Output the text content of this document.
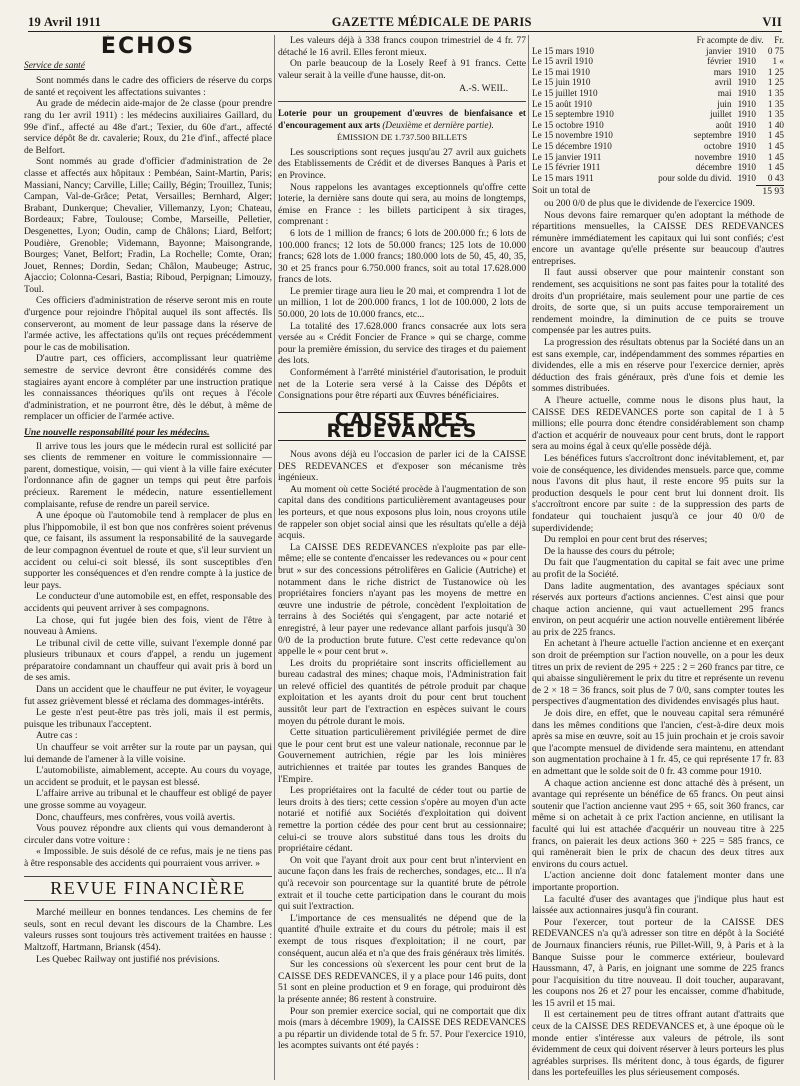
19 Avril 1911	GAZETTE MÉDICALE DE PARIS	VII
ÉCHOS

Service de santé

Sont nommés dans le cadre des officiers de réserve du corps de santé et reçoivent les affectations suivantes :

Au grade de médecin aide-major de 2e classe (pour prendre rang du 1er avril 1911) : les médecins auxiliaires Gaillard, du 99e d'inf., affecté au 48e d'art.; Texier, du 60e d'art., affecté service dépôt 8e dr. cavalerie; Roux, du 21e d'inf., affecté place de Belfort.

Sont nommés au grade d'officier d'administration de 2e classe et affectés aux hôpitaux : Pembéan, Saint-Martin, Paris; Massiani, Nancy; Carville, Lille; Cailly, Bégin; Trouillez, Tunis; Campan, Val-de-Grâce; Petat, Versailles; Bernhard, Alger; Brabant, Dunkerque; Chevalier, Villemanzy, Lyon; Chateau, Bordeaux; Fabre, Toulouse; Combe, Marseille, Pelletier, Desgenettes, Lyon; Oudin, camp de Châlons; Liard, Belfort; Poudière, Grenoble; Videmann, Bayonne; Maisongrande, Bourges; Vanet, Belfort; Fradin, La Rochelle; Comte, Oran; Jouet, Rennes; Dordin, Sedan; Châlon, Maubeuge; Astruc, Ajaccio; Colonna-Cesari, Bastia; Riboud, Perpignan; Limouzy, Toul.

Ces officiers d'administration de réserve seront mis en route d'urgence pour rejoindre l'hôpital auquel ils sont affectés. Ils conserveront, au moment de leur passage dans la réserve de l'armée active, les affectations qu'ils ont reçues précédemment pour le cas de mobilisation.

D'autre part, ces officiers, accomplissant leur quatrième semestre de service devront être considérés comme des stagiaires ayant encore à compléter par une instruction pratique les connaissances théoriques qu'ils ont reçues à l'école d'administration, et ne pourront être, dès le début, à même de remplacer un officier de l'armée active.

Une nouvelle responsabilité pour les médecins.

Il arrive tous les jours que le médecin rural est sollicité par ses clients de remmener en voiture le commissionnaire — parent, domestique, voisin, — qui vient à la ville faire exécuter l'ordonnance afin de gagner un temps qui peut être parfois précieux. Rarement le médecin, nature essentiellement complaisante, refuse de rendre un pareil service.

A une époque où l'automobile tend à remplacer de plus en plus l'hippomobile, il est bon que nos confrères soient prévenus que, ce faisant, ils assument la responsabilité de la sauvegarde de leur compagnon éventuel de route et que, s'il leur survient un accident ou celui-ci soit blessé, ils sont susceptibles d'en supporter les conséquences et d'en rendre compte à la justice de leur pays.

Le conducteur d'une automobile est, en effet, responsable des accidents qui peuvent arriver à ses compagnons.

La chose, qui fut jugée bien des fois, vient de l'être à nouveau à Amiens.

Le tribunal civil de cette ville, suivant l'exemple donné par plusieurs tribunaux et cours d'appel, a rendu un jugement préparatoire condamnant un chauffeur qui avait pris à bord un de ses amis.

Dans un accident que le chauffeur ne put éviter, le voyageur fut assez grièvement blessé et réclama des dommages-intérêts.

Le geste n'est peut-être pas très joli, mais il est permis, puisque les tribunaux l'acceptent.

Autre cas :

Un chauffeur se voit arrêter sur la route par un paysan, qui lui demande de l'amener à la ville voisine.

L'automobiliste, aimablement, accepte. Au cours du voyage, un accident se produit, et le paysan est blessé.

L'affaire arrive au tribunal et le chauffeur est obligé de payer une grosse somme au voyageur.

Donc, chauffeurs, mes confrères, vous voilà avertis.

Vous pouvez répondre aux clients qui vous demanderont à circuler dans votre voiture :

« Impossible. Je suis désolé de ce refus, mais je ne tiens pas à être responsable des accidents qui pourraient vous arriver. »

REVUE FINANCIÈRE

Marché meilleur en bonnes tendances. Les chemins de fer seuls, sont en recul devant les discours de la Chambre. Les valeurs russes sont toujours très activement traitées en hausse : Maltzoff, Hartmann, Briansk (454).

Les Quebec Railway ont justifié nos prévisions.

Les valeurs déjà à 338 francs coupon trimestriel de 4 fr. 77 détaché le 16 avril. Elles feront mieux.

On parle beaucoup de la Losely Reef à 91 francs. Cette valeur serait à la veille d'une hausse, dit-on.

A.-S. WEIL.

Loterie pour un groupement d'œuvres de bienfaisance et d'encouragement aux arts (Deuxième et dernière partie).

ÉMISSION DE 1.737.500 BILLETS

Les souscriptions sont reçues jusqu'au 27 avril aux guichets des Etablissements de Crédit et de diverses Banques à Paris et en Province.

Nous rappelons les avantages exceptionnels qu'offre cette loterie, la dernière sans doute qui sera, au moins de longtemps, émise en France : les billets participent à six tirages, comprenant :

6 lots de 1 million de francs; 6 lots de 200.000 fr.; 6 lots de 100.000 francs; 12 lots de 50.000 francs; 125 lots de 10.000 francs; 628 lots de 1.000 francs; 180.000 lots de 50, 45, 40, 35, 30 et 25 francs pour 6.750.000 francs, soit au total 17.628.000 francs de lots.

Le premier tirage aura lieu le 20 mai, et comprendra 1 lot de un million, 1 lot de 200.000 francs, 1 lot de 100.000, 2 lots de 50.000, 20 lots de 10.000 francs, etc...

La totalité des 17.628.000 francs consacrée aux lots sera versée au « Crédit Foncier de France » qui se charge, comme pour la première émission, du service des tirages et du paiement des lots.

Conformément à l'arrêté ministériel d'autorisation, le produit net de la Loterie sera versé à la Caisse des Dépôts et Consignations pour être réparti aux Œuvres bénéficiaires.

CAISSE DES REDEVANCES

Nous avons déjà eu l'occasion de parler ici de la CAISSE DES REDEVANCES et d'exposer son mécanisme très ingénieux.

Au moment où cette Société procède à l'augmentation de son capital dans des conditions particulièrement avantageuses pour les porteurs, et que nous exposons plus loin, nous croyons utile de rappeler son objet social ainsi que les résultats qu'elle a déjà acquis.

La CAISSE DES REDEVANCES n'exploite pas par elle-même; elle se contente d'encaisser les redevances ou « pour cent brut » sur des concessions pétrolifères en Galicie (Autriche) et notamment dans le riche district de Tustanowice où les propriétaires fonciers n'ayant pas les moyens de mettre en œuvre une industrie de pétrole, concèdent l'exploitation de terrains à des Sociétés qui s'engagent, par acte notarié et enregistré, à leur payer une redevance allant parfois jusqu'à 30 0/0 de la production brute future. C'est cette redevance qu'on appelle le « pour cent brut ».

Les droits du propriétaire sont inscrits officiellement au bureau cadastral des mines; chaque mois, l'Administration fait un relevé officiel des quantités de pétrole produit par chaque exploitation et les ayants droit du pour cent brut touchent aussitôt leur part de l'extraction en espèces suivant le cours moyen du pétrole durant le mois.

Cette situation particulièrement privilégiée permet de dire que le pour cent brut est une valeur nationale, reconnue par le Gouvernement autrichien, régie par les lois minières autrichiennes et traitée par toutes les grandes Banques de l'Empire.

Les propriétaires ont la faculté de céder tout ou partie de leurs droits à des tiers; cette cession s'opère au moyen d'un acte notarié et notifié aux Sociétés d'exploitation qui doivent remettre la portion cédée des pour cent brut au cessionnaire; celui-ci se trouve alors substitué dans tous les droits du propriétaire cédant.

On voit que l'ayant droit aux pour cent brut n'intervient en aucune façon dans les frais de recherches, sondages, etc... Il n'a qu'à recevoir son pourcentage sur la quantité brute de pétrole extrait et il touche cette participation dans le courant du mois qui suit l'extraction.

L'importance de ces mensualités ne dépend que de la quantité d'huile extraite et du cours du pétrole; mais il est exempt de tous risques d'exploitation; il ne court, par conséquent, aucun aléa et n'a que des frais généraux très limités.

Sur les concessions où s'exercent les pour cent brut de la CAISSE DES REDEVANCES, il y a place pour 146 puits, dont 51 sont en pleine production et 9 en forage, qui produiront dès la présente année; 86 restent à construire.

Pour son premier exercice social, qui ne comportait que dix mois (mars à décembre 1909), la CAISSE DES REDEVANCES a pu répartir un dividende total de 5 fr. 57. Pour l'exercice 1910, les acomptes suivants ont été payés :

	Fr acompte de div.		Fr.
Le 15 mars 1910	janvier	1910	0 75
Le 15 avril 1910	février	1910	1 «
Le 15 mai 1910	mars	1910	1 25
Le 15 juin 1910	avril	1910	1 25
Le 15 juillet 1910	mai	1910	1 35
Le 15 août 1910	juin	1910	1 35
Le 15 septembre 1910	juillet	1910	1 35
Le 15 octobre 1910	août	1910	1 40
Le 15 novembre 1910	septembre	1910	1 45
Le 15 décembre 1910	octobre	1910	1 45
Le 15 janvier 1911	novembre	1910	1 45
Le 15 février 1911	décembre	1910	1 45
Le 15 mars 1911	pour solde du divid.	1910	0 43
Soit un total de	15 93

ou 200 0/0 de plus que le dividende de l'exercice 1909.

Nous devons faire remarquer qu'en adoptant la méthode de répartitions mensuelles, la CAISSE DES REDEVANCES rémunère immédiatement les capitaux qui lui sont confiés; c'est encore un avantage qu'elle présente sur beaucoup d'autres entreprises.

Il faut aussi observer que pour maintenir constant son rendement, ses acquisitions ne sont pas faites pour la totalité des droits d'un propriétaire, mais seulement pour une partie de ces droits, de sorte que, si un puits accuse temporairement un rendement moindre, la diminution de ce puits se trouve compensée par les autres puits.

La progression des résultats obtenus par la Société dans un an est sans exemple, car, indépendamment des sommes réparties en dividendes, elle a mis en réserve pour l'exercice dernier, après déduction des frais généraux, près d'une fois et demie les sommes distribuées.

A l'heure actuelle, comme nous le disons plus haut, la CAISSE DES REDEVANCES porte son capital de 1 à 5 millions; elle pourra donc étendre considérablement son champ d'action et acquérir de nouveaux pour cent bruts, dont le rapport sera au moins égal à ceux qu'elle possède déjà.

Les bénéfices futurs s'accroîtront donc inévitablement, et, par voie de conséquence, les dividendes mensuels. parce que, comme nous l'avons dit plus haut, il reste encore 95 puits sur la production desquels le pour cent brut lui donnent droit. Ils s'accroîtront encore par suite : de la suppression des parts de fondateur qui touchaient jusqu'à ce jour 40 0/0 de superdividende;

Du remploi en pour cent brut des réserves;

De la hausse des cours du pétrole;

Du fait que l'augmentation du capital se fait avec une prime au profit de la Société.

Dans ladite augmentation, des avantages spéciaux sont réservés aux porteurs d'actions anciennes. C'est ainsi que pour chaque action ancienne, qui vaut actuellement 295 francs environ, on peut acquérir une action nouvelle entièrement libérée au prix de 225 francs.

En achetant à l'heure actuelle l'action ancienne et en exerçant son droit de préemption sur l'action nouvelle, on a pour les deux titres un prix de revient de 295 + 225 : 2 = 260 francs par titre, ce qui abaisse singulièrement le prix du titre et représente un revenu de 2 × 18 = 36 francs, soit plus de 7 0/0, sans compter toutes les perspectives d'augmentation des dividendes envisagés plus haut.

Je dois dire, en effet, que le nouveau capital sera rémunéré dans les mêmes conditions que l'ancien, c'est-à-dire deux mois après sa mise en œuvre, soit au 15 juin prochain et je crois savoir que l'acompte mensuel de dividende sera maintenu, en attendant son augmentation prochaine à 1 fr. 45, ce qui représente 17 fr. 83 en admettant que le solde soit de 0 fr. 43 comme pour 1910.

A chaque action ancienne est donc attaché dès à présent, un avantage qui représente un bénéfice de 65 francs. On peut ainsi soutenir que l'action ancienne vaut 295 + 65, soit 360 francs, car même si on achetait à ce prix l'action ancienne, en utilisant la faculté qui lui est attachée d'acquérir un nouveau titre à 225 francs, on paierait les deux actions 360 + 225 = 585 francs, ce qui ramènerait bien le prix de chacun des deux titres aux environs du cours actuel.

L'action ancienne doit donc fatalement monter dans une importante proportion.

La faculté d'user des avantages que j'indique plus haut est laissée aux actionnaires jusqu'à fin courant.

Pour l'exercer, tout porteur de la CAISSE DES REDEVANCES n'a qu'à adresser son titre en dépôt à la Société de Journaux financiers réunis, rue Pillet-Will, 9, à Paris et à la Banque Suisse pour le commerce extérieur, boulevard Haussmann, 47, à Paris, en joignant une somme de 225 francs pour l'acquisition du titre nouveau. Il doit toucher, auparavant, les coupons nos 26 et 27 pour les encaisser, comme d'habitude, les 15 avril et 15 mai.

Il est certainement peu de titres offrant autant d'attraits que ceux de la CAISSE DES REDEVANCES et, à une époque où le monde entier s'intéresse aux valeurs de pétrole, ils sont évidemment de ceux qui doivent réserver à leurs porteurs les plus agréables surprises. Ils méritent donc, à tous égards, de figurer dans les portefeuilles les plus sérieusement composés.
